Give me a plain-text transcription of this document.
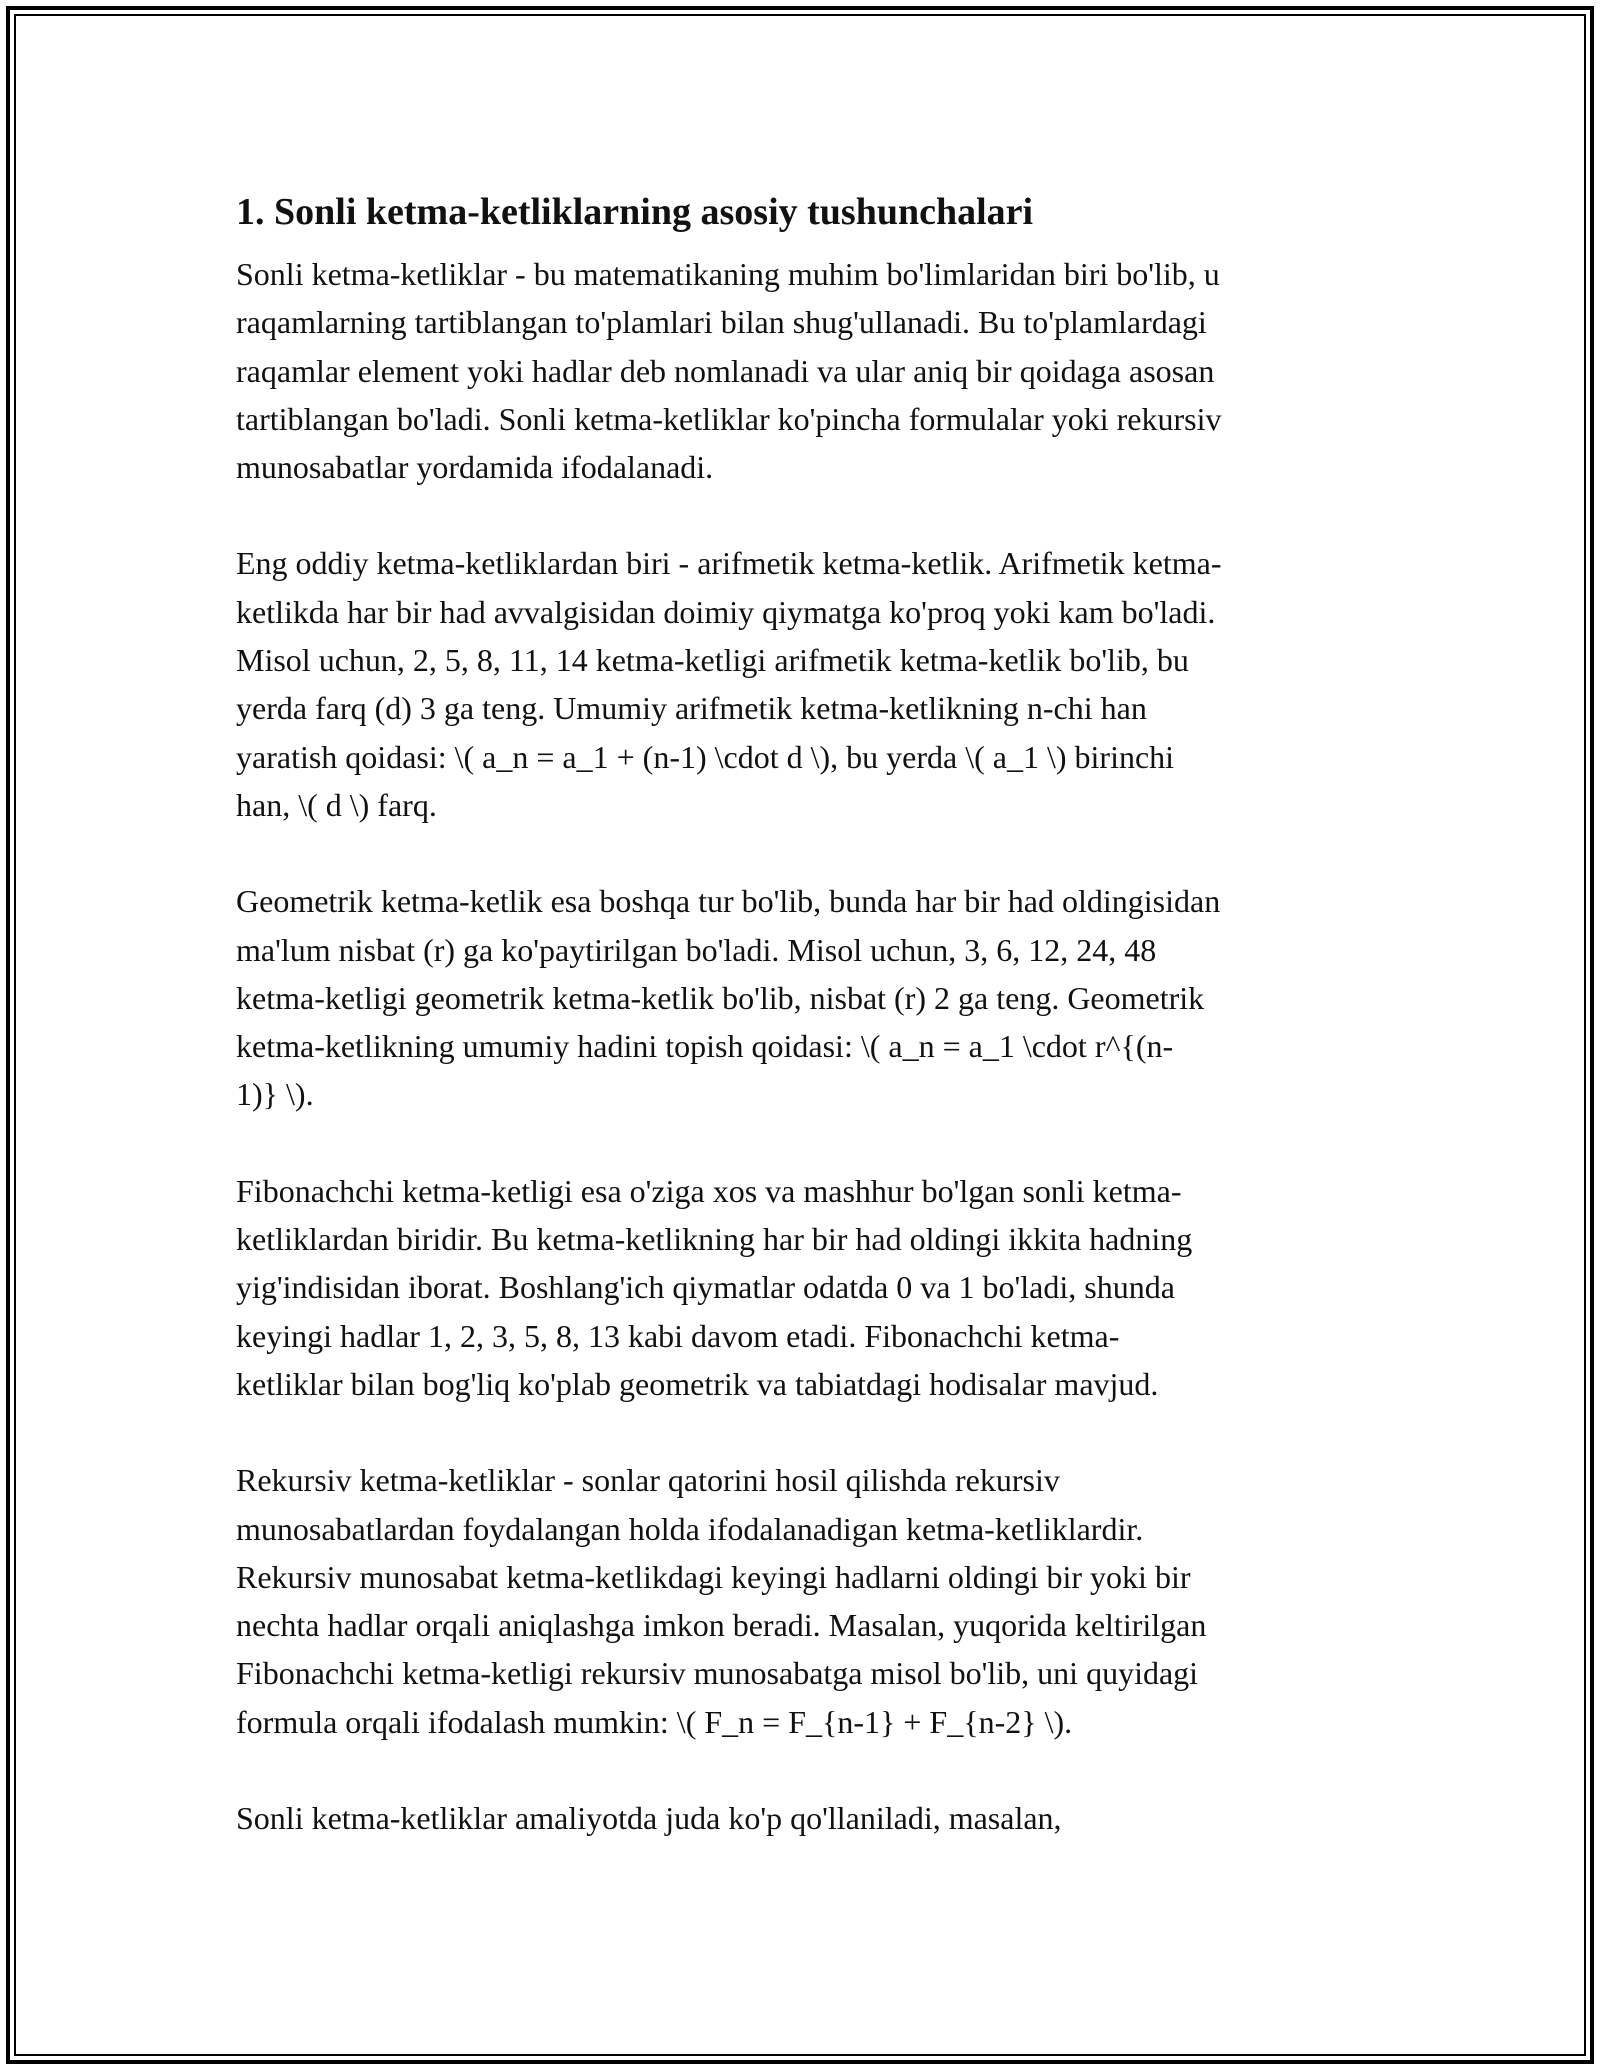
1. Sonli ketma-ketliklarning asosiy tushunchalari

Sonli ketma-ketliklar - bu matematikaning muhim bo'limlaridan biri bo'lib, u
raqamlarning tartiblangan to'plamlari bilan shug'ullanadi. Bu to'plamlardagi
raqamlar element yoki hadlar deb nomlanadi va ular aniq bir qoidaga asosan
tartiblangan bo'ladi. Sonli ketma-ketliklar ko'pincha formulalar yoki rekursiv
munosabatlar yordamida ifodalanadi.

Eng oddiy ketma-ketliklardan biri - arifmetik ketma-ketlik. Arifmetik ketma-
ketlikda har bir had avvalgisidan doimiy qiymatga ko'proq yoki kam bo'ladi.
Misol uchun, 2, 5, 8, 11, 14 ketma-ketligi arifmetik ketma-ketlik bo'lib, bu
yerda farq (d) 3 ga teng. Umumiy arifmetik ketma-ketlikning n-chi han
yaratish qoidasi: \( a_n = a_1 + (n-1) \cdot d \), bu yerda \( a_1 \) birinchi
han, \( d \) farq.

Geometrik ketma-ketlik esa boshqa tur bo'lib, bunda har bir had oldingisidan
ma'lum nisbat (r) ga ko'paytirilgan bo'ladi. Misol uchun, 3, 6, 12, 24, 48
ketma-ketligi geometrik ketma-ketlik bo'lib, nisbat (r) 2 ga teng. Geometrik
ketma-ketlikning umumiy hadini topish qoidasi: \( a_n = a_1 \cdot r^{(n-
1)} \).

Fibonachchi ketma-ketligi esa o'ziga xos va mashhur bo'lgan sonli ketma-
ketliklardan biridir. Bu ketma-ketlikning har bir had oldingi ikkita hadning
yig'indisidan iborat. Boshlang'ich qiymatlar odatda 0 va 1 bo'ladi, shunda
keyingi hadlar 1, 2, 3, 5, 8, 13 kabi davom etadi. Fibonachchi ketma-
ketliklar bilan bog'liq ko'plab geometrik va tabiatdagi hodisalar mavjud.

Rekursiv ketma-ketliklar - sonlar qatorini hosil qilishda rekursiv
munosabatlardan foydalangan holda ifodalanadigan ketma-ketliklardir.
Rekursiv munosabat ketma-ketlikdagi keyingi hadlarni oldingi bir yoki bir
nechta hadlar orqali aniqlashga imkon beradi. Masalan, yuqorida keltirilgan
Fibonachchi ketma-ketligi rekursiv munosabatga misol bo'lib, uni quyidagi
formula orqali ifodalash mumkin: \( F_n = F_{n-1} + F_{n-2} \).

Sonli ketma-ketliklar amaliyotda juda ko'p qo'llaniladi, masalan,
